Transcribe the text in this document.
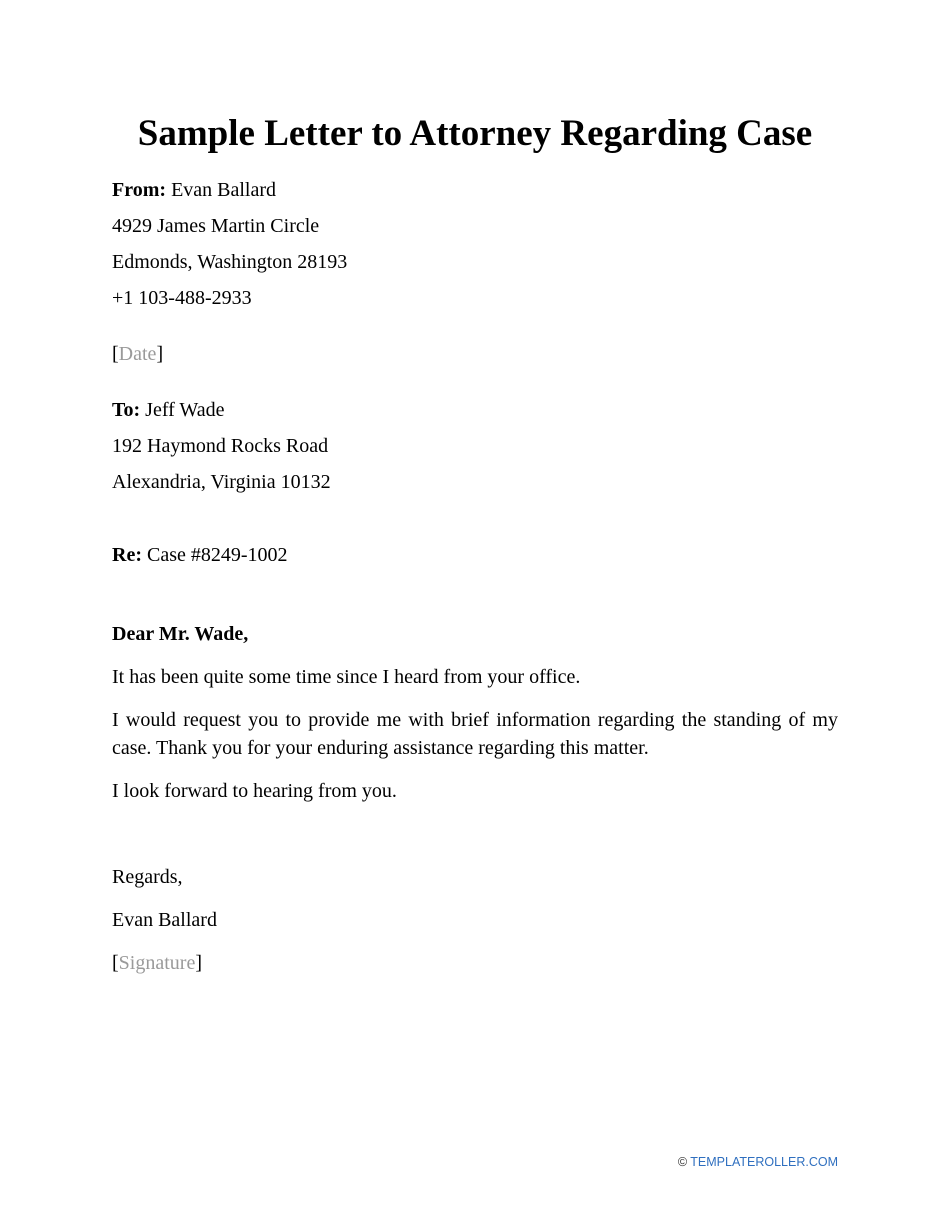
Sample Letter to Attorney Regarding Case
From: Evan Ballard
4929 James Martin Circle
Edmonds, Washington 28193
+1 103-488-2933
[Date]
To: Jeff Wade
192 Haymond Rocks Road
Alexandria, Virginia 10132
Re: Case #8249-1002
Dear Mr. Wade,

It has been quite some time since I heard from your office.

I would request you to provide me with brief information regarding the standing of my case. Thank you for your enduring assistance regarding this matter.

I look forward to hearing from you.

Regards,
Evan Ballard
[Signature]
© TEMPLATEROLLER.COM
